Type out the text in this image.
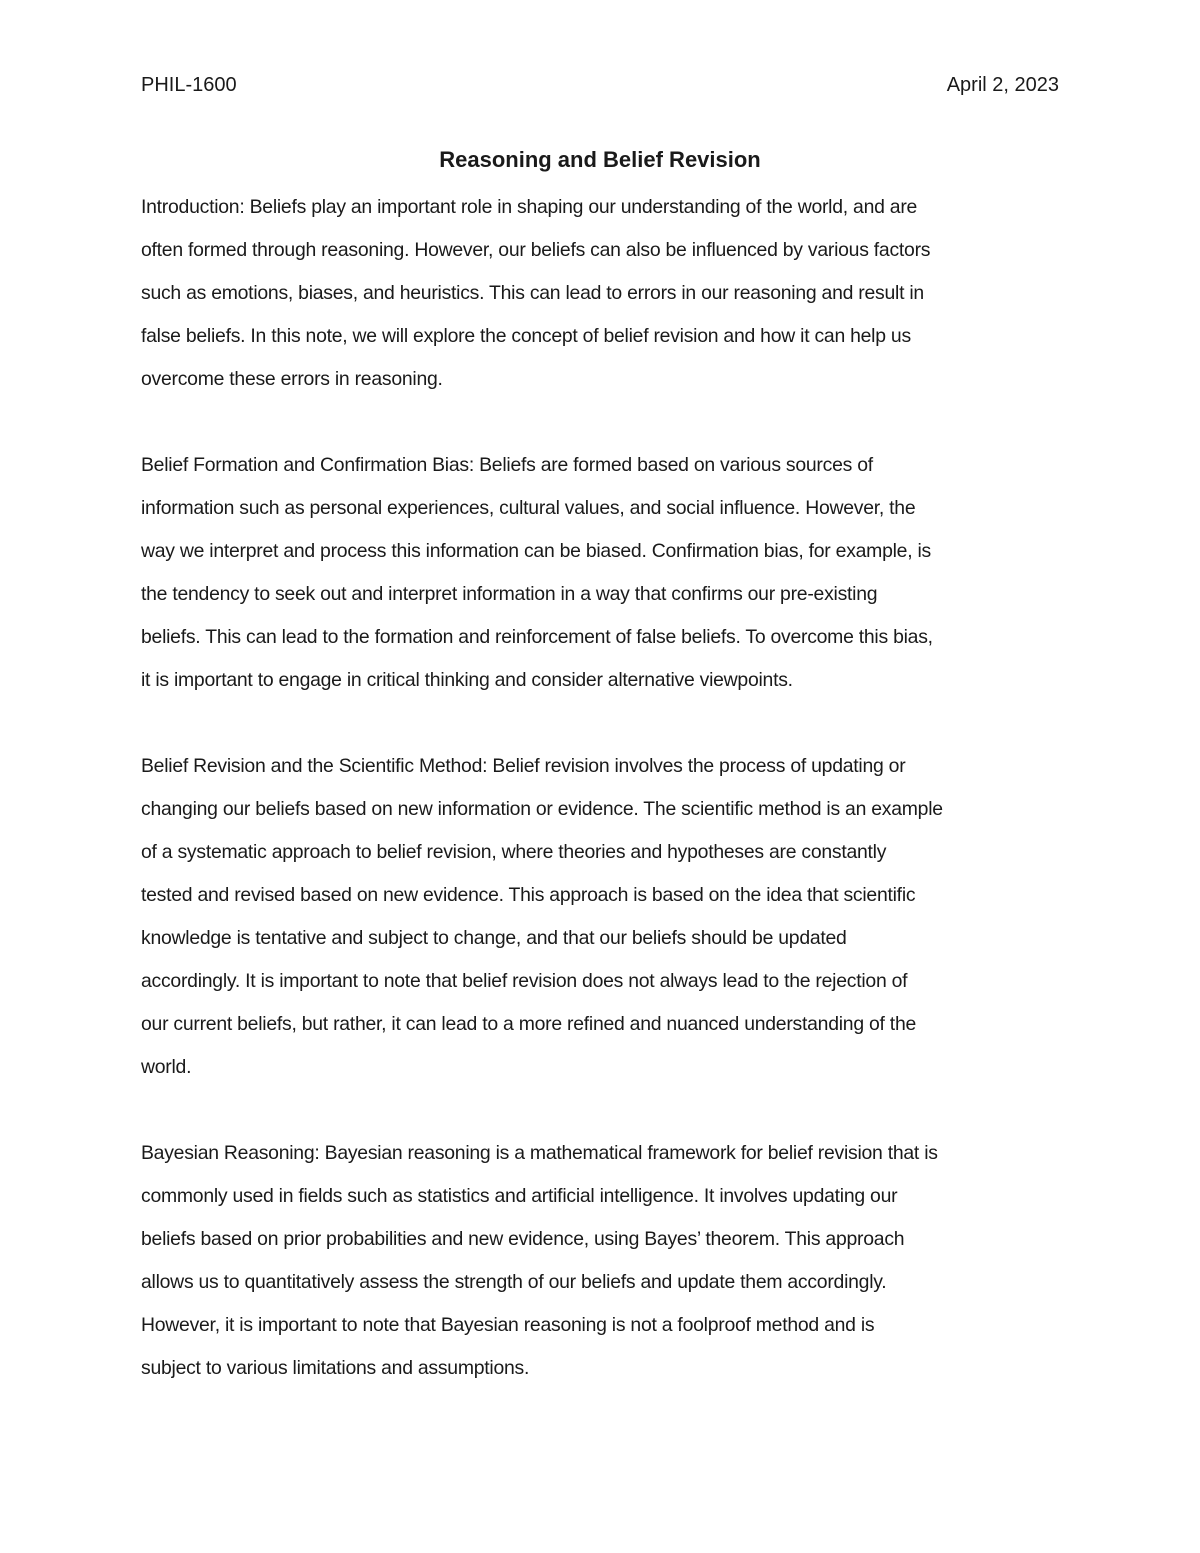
PHIL-1600	April 2, 2023
Reasoning and Belief Revision

Introduction: Beliefs play an important role in shaping our understanding of the world, and are
often formed through reasoning. However, our beliefs can also be influenced by various factors
such as emotions, biases, and heuristics. This can lead to errors in our reasoning and result in
false beliefs. In this note, we will explore the concept of belief revision and how it can help us
overcome these errors in reasoning.

Belief Formation and Confirmation Bias: Beliefs are formed based on various sources of
information such as personal experiences, cultural values, and social influence. However, the
way we interpret and process this information can be biased. Confirmation bias, for example, is
the tendency to seek out and interpret information in a way that confirms our pre-existing
beliefs. This can lead to the formation and reinforcement of false beliefs. To overcome this bias,
it is important to engage in critical thinking and consider alternative viewpoints.

Belief Revision and the Scientific Method: Belief revision involves the process of updating or
changing our beliefs based on new information or evidence. The scientific method is an example
of a systematic approach to belief revision, where theories and hypotheses are constantly
tested and revised based on new evidence. This approach is based on the idea that scientific
knowledge is tentative and subject to change, and that our beliefs should be updated
accordingly. It is important to note that belief revision does not always lead to the rejection of
our current beliefs, but rather, it can lead to a more refined and nuanced understanding of the
world.

Bayesian Reasoning: Bayesian reasoning is a mathematical framework for belief revision that is
commonly used in fields such as statistics and artificial intelligence. It involves updating our
beliefs based on prior probabilities and new evidence, using Bayes’ theorem. This approach
allows us to quantitatively assess the strength of our beliefs and update them accordingly.
However, it is important to note that Bayesian reasoning is not a foolproof method and is
subject to various limitations and assumptions.
